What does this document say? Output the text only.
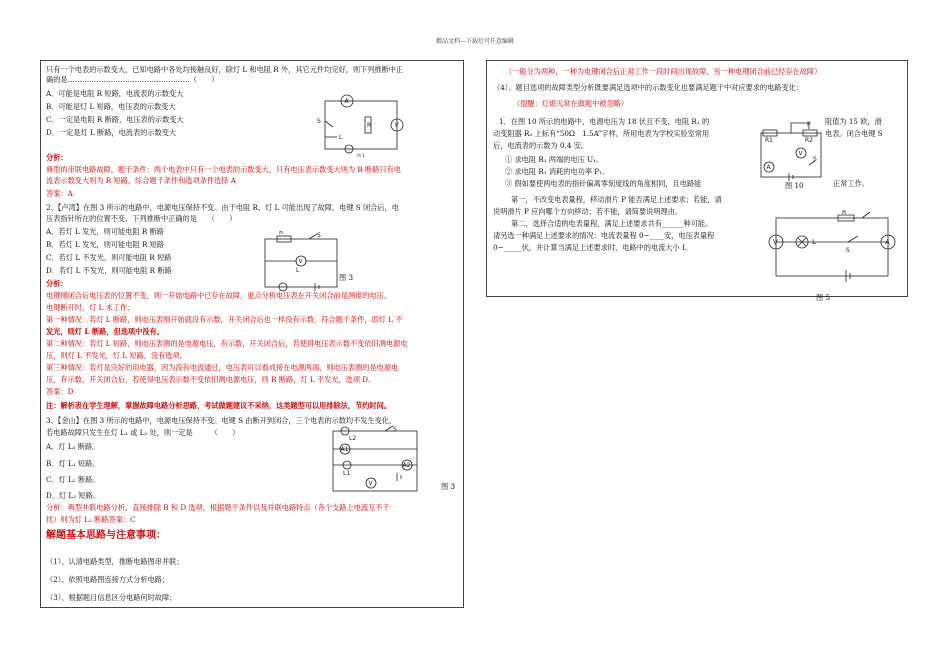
精品文档---下载后可任意编辑
只有一个电表的示数变大，已知电路中各处均接触良好，除灯 L 和电阻 R 外，其它元件均完好，则下列推断中正
确的是……………………………………………（　　）
A．可能是电阻 R 短路，电流表的示数变大
B．可能是灯 L 短路，电压表的示数变大
C．一定是电阻 R 断路，电压表的示数变大
D．一定是灯 L 断路，电流表的示数变大
A
V
R
S
L
图 1
分析：
典型的串联电路故障，题干条件：两个电表中只有一个电表的示数变大，只有电压表示数变大则为 R 断路只有电
流表示数变大则为 R 短路，综合题干条件和选项条件选择 A
答案：A
2、【卢湾】在图 3 所示的电路中，电源电压保持不变。由于电阻 R、灯 L 可能出现了故障，电键 S 闭合后，电
压表指针所在的位置不变，下列推断中正确的是　　（　　）
A．若灯 L 发光，则可能电阻 R 断路
B．若灯 L 发光，则可能电阻 R 短路
C．若灯 L 不发光，则可能电阻 R 短路
D．若灯 L 不发光，则可能电阻 R 断路
R	S
V
L
图 3
分析：
电键刚闭合后电压表的位置不变，则一开始电路中已存在故障，重点分析电压表在开关闭合前是测谁的电压。
电键断开时，灯 L 未工作；
第一种情况：若灯 L 断路，则电压表刚开始就没有示数，开关闭合后也一样没有示数，符合题干条件，即灯 L 不
发光，则灯 L 断路，但选项中没有。
第二种情况：若灯 L 短路，则电压表测的是电源电压，有示数，开关闭合后，若使得电压表示数不变依旧测电源电
压，则灯 L 不发光，灯 L 短路，没有选项。
第三种情况：若灯是完好的用电器，因为没有电流通过，电压表可以看成接在电源两端，则电压表测的是电源电
压，有示数，开关闭合后，若使得电压表示数不变依旧测电源电压，则 R 断路，灯 L 不发光，选项 D。
答案：D
注：解析表在学生理解，掌握故障电路分析思路，考试做题建议不采纳，这类题型可以用排除法，节约时间。
3、【金山】在图 3 所示的电路中，电源电压保持不变。电键 S 由断开到闭合，三个电表的示数均不发生变化，
若电路故障只发生在灯 L₁ 或 L₂ 处，则一定是　　　（　　）
A．灯 L₁ 断路。
B．灯 L₁ 短路。
C．灯 L₂ 断路。
D．灯 L₂ 短路。
L2
S
A1
L1
A2
V	图 3
分析：典型并联电路分析，直接排除 B 和 D 选项，根据题干条件以及并联电路特点（各个支路上电流互不干
扰）则为灯 L₂ 断路答案：C
解题基本思路与注意事项：
（1）、认清电路类型，推断电路图串并联；
（2）、依照电路图连接方式分析电路；
（3）、根据题目信息区分电路何时故障；
（一般分为两种，一种为电键闭合后正常工作一段时间出现故障，另一种电键闭合前已经存在故障）
（4）、题目选项的故障类型分析既要满足选项中的示数变化也要满足题干中对应要求的电路变化：
（提醒：灯熄灭常在做题中被忽略）
1．在图 10 所示的电路中，电源电压为 18 伏且不变，电阻 R₁ 的
动变阻器 R₂ 上标有“50Ω　1.5A”字样，所用电表为学校实验室常用
后，电流表的示数为 0.4 安。
阻值为 15 欧，滑
电表。闭合电键 S
① 求电阻 R₁ 两端的电压 U₁。
② 求电阻 R₁ 消耗的电功率 P₁。
③ 假如要使两电表的指针偏离零刻度线的角度相同，且电路能
R1	R2
P
V
A
S
图 10	正常工作。
第一，不改变电表量程，移动滑片 P 能否满足上述要求；若能，请
说明滑片 P 应向哪个方向移动；若不能，请简要说明理由。
第二，选择合适的电表量程，满足上述要求共有______种可能。
请另选一种满足上述要求的情况：电流表量程 0~____安，电压表量程
0~_____伏，并计算当满足上述要求时，电路中的电流大小 I。
V	L
R
S
A
图 5
